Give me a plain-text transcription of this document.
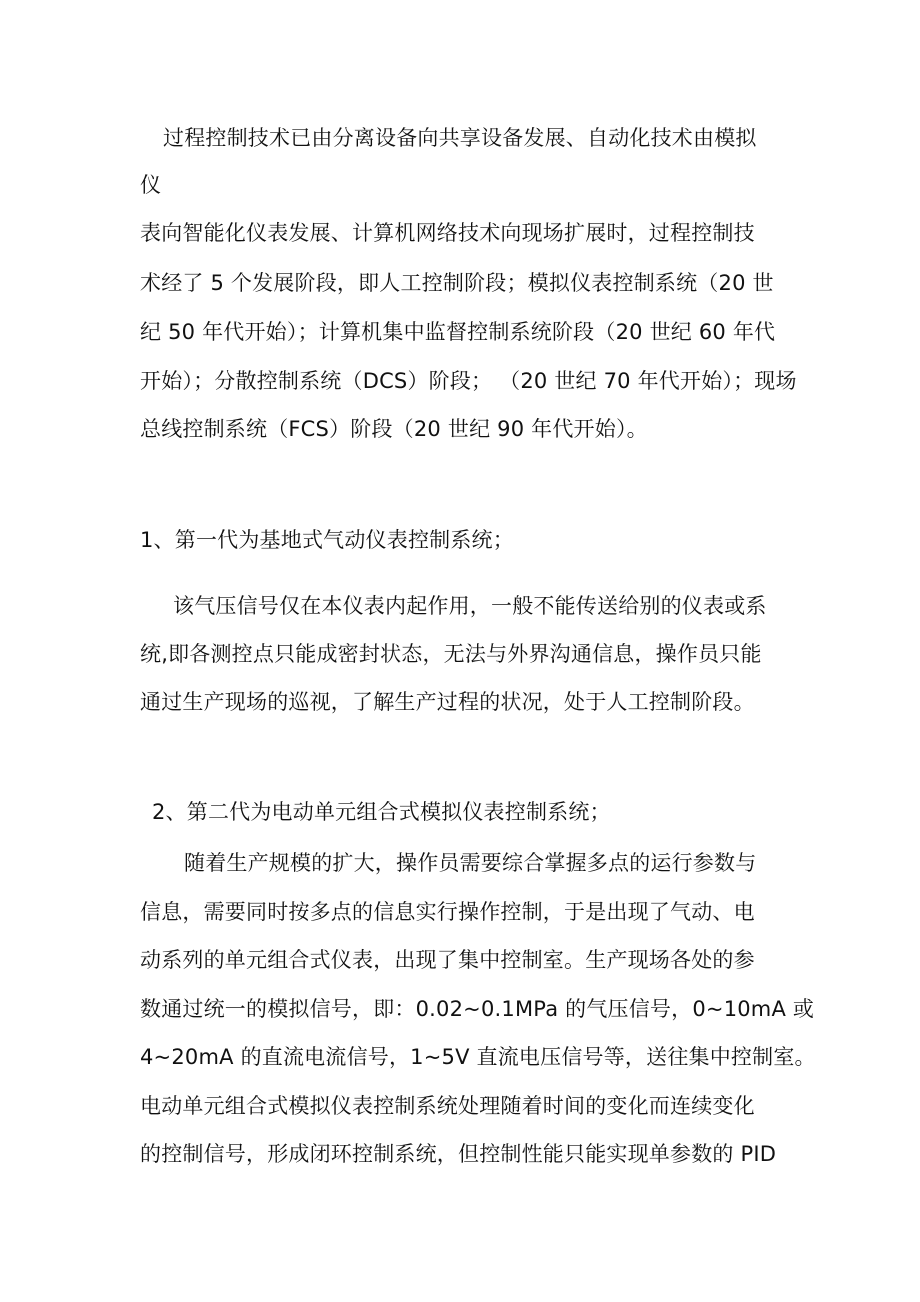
过程控制技术已由分离设备向共享设备发展、自动化技术由模拟
仪
表向智能化仪表发展、计算机网络技术向现场扩展时，过程控制技
术经了 5 个发展阶段，即人工控制阶段；模拟仪表控制系统（20 世
纪 50 年代开始）；计算机集中监督控制系统阶段（20 世纪 60 年代
开始）；分散控制系统（DCS）阶段； （20 世纪 70 年代开始）；现场
总线控制系统（FCS）阶段（20 世纪 90 年代开始）。
1、第一代为基地式气动仪表控制系统；
该气压信号仅在本仪表内起作用，一般不能传送给别的仪表或系
统,即各测控点只能成密封状态，无法与外界沟通信息，操作员只能
通过生产现场的巡视，了解生产过程的状况，处于人工控制阶段。
2、第二代为电动单元组合式模拟仪表控制系统；
随着生产规模的扩大，操作员需要综合掌握多点的运行参数与
信息，需要同时按多点的信息实行操作控制，于是出现了气动、电
动系列的单元组合式仪表，出现了集中控制室。生产现场各处的参
数通过统一的模拟信号，即：0.02~0.1MPa 的气压信号，0~10mA 或
4~20mA 的直流电流信号，1~5V 直流电压信号等，送往集中控制室。
电动单元组合式模拟仪表控制系统处理随着时间的变化而连续变化
的控制信号，形成闭环控制系统，但控制性能只能实现单参数的 PID
